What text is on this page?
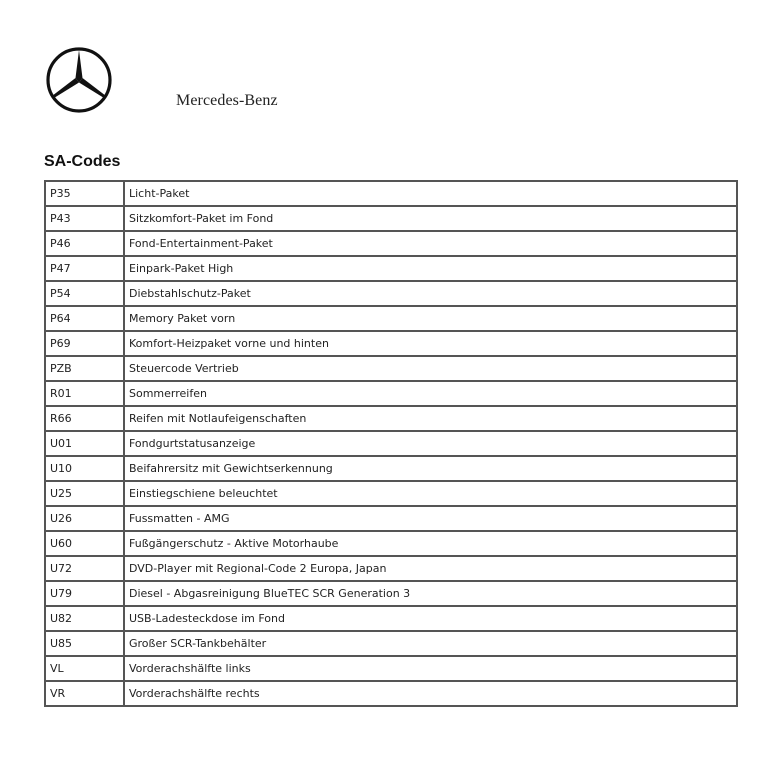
Mercedes-Benz
SA-Codes
P35	Licht-Paket
P43	Sitzkomfort-Paket im Fond
P46	Fond-Entertainment-Paket
P47	Einpark-Paket High
P54	Diebstahlschutz-Paket
P64	Memory Paket vorn
P69	Komfort-Heizpaket vorne und hinten
PZB	Steuercode Vertrieb
R01	Sommerreifen
R66	Reifen mit Notlaufeigenschaften
U01	Fondgurtstatusanzeige
U10	Beifahrersitz mit Gewichtserkennung
U25	Einstiegschiene beleuchtet
U26	Fussmatten - AMG
U60	Fußgängerschutz - Aktive Motorhaube
U72	DVD-Player mit Regional-Code 2 Europa, Japan
U79	Diesel - Abgasreinigung BlueTEC SCR Generation 3
U82	USB-Ladesteckdose im Fond
U85	Großer SCR-Tankbehälter
VL	Vorderachshälfte links
VR	Vorderachshälfte rechts
